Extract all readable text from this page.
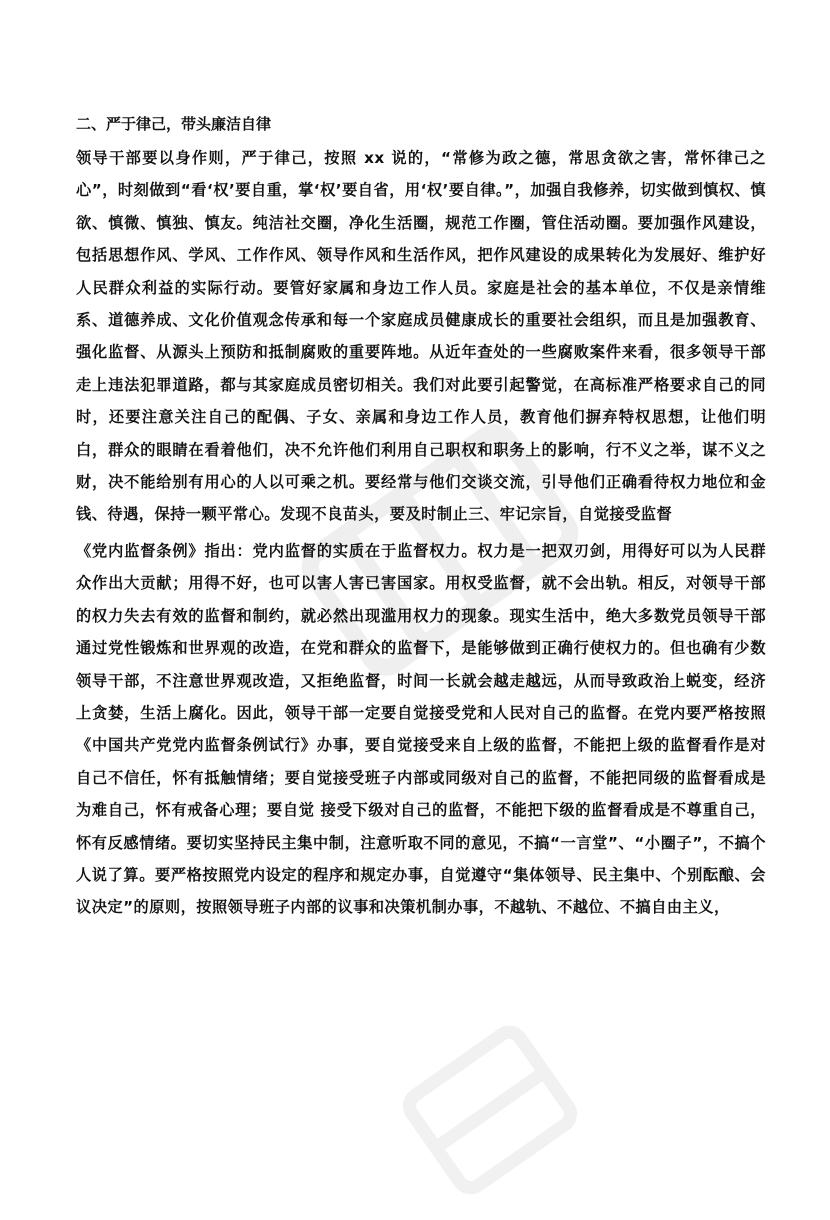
二、严于律己，带头廉洁自律

领导干部要以身作则，严于律己，按照 xx 说的，“常修为政之德，常思贪欲之害，常怀律己之心”，时刻做到“看‘权’要自重，掌‘权’要自省，用‘权’要自律。”，加强自我修养，切实做到慎权、慎欲、慎微、慎独、慎友。纯洁社交圈，净化生活圈，规范工作圈，管住活动圈。要加强作风建设，包括思想作风、学风、工作作风、领导作风和生活作风，把作风建设的成果转化为发展好、维护好人民群众利益的实际行动。要管好家属和身边工作人员。家庭是社会的基本单位，不仅是亲情维系、道德养成、文化价值观念传承和每一个家庭成员健康成长的重要社会组织，而且是加强教育、强化监督、从源头上预防和抵制腐败的重要阵地。从近年查处的一些腐败案件来看，很多领导干部走上违法犯罪道路，都与其家庭成员密切相关。我们对此要引起警觉，在高标准严格要求自己的同时，还要注意关注自己的配偶、子女、亲属和身边工作人员，教育他们摒弃特权思想，让他们明白，群众的眼睛在看着他们，决不允许他们利用自己职权和职务上的影响，行不义之举，谋不义之财，决不能给别有用心的人以可乘之机。要经常与他们交谈交流，引导他们正确看待权力地位和金钱、待遇，保持一颗平常心。发现不良苗头，要及时制止三、牢记宗旨，自觉接受监督

《党内监督条例》指出：党内监督的实质在于监督权力。权力是一把双刃剑，用得好可以为人民群众作出大贡献；用得不好，也可以害人害已害国家。用权受监督，就不会出轨。相反，对领导干部的权力失去有效的监督和制约，就必然出现滥用权力的现象。现实生活中，绝大多数党员领导干部通过党性锻炼和世界观的改造，在党和群众的监督下，是能够做到正确行使权力的。但也确有少数领导干部，不注意世界观改造，又拒绝监督，时间一长就会越走越远，从而导致政治上蜕变，经济上贪婪，生活上腐化。因此，领导干部一定要自觉接受党和人民对自己的监督。在党内要严格按照《中国共产党党内监督条例试行》办事，要自觉接受来自上级的监督，不能把上级的监督看作是对自己不信任，怀有抵触情绪；要自觉接受班子内部或同级对自己的监督，不能把同级的监督看成是为难自己，怀有戒备心理；要自觉 接受下级对自己的监督，不能把下级的监督看成是不尊重自己，怀有反感情绪。要切实坚持民主集中制，注意听取不同的意见，不搞“一言堂”、“小圈子”，不搞个人说了算。要严格按照党内设定的程序和规定办事，自觉遵守“集体领导、民主集中、个别酝酿、会议决定”的原则，按照领导班子内部的议事和决策机制办事，不越轨、不越位、不搞自由主义，
